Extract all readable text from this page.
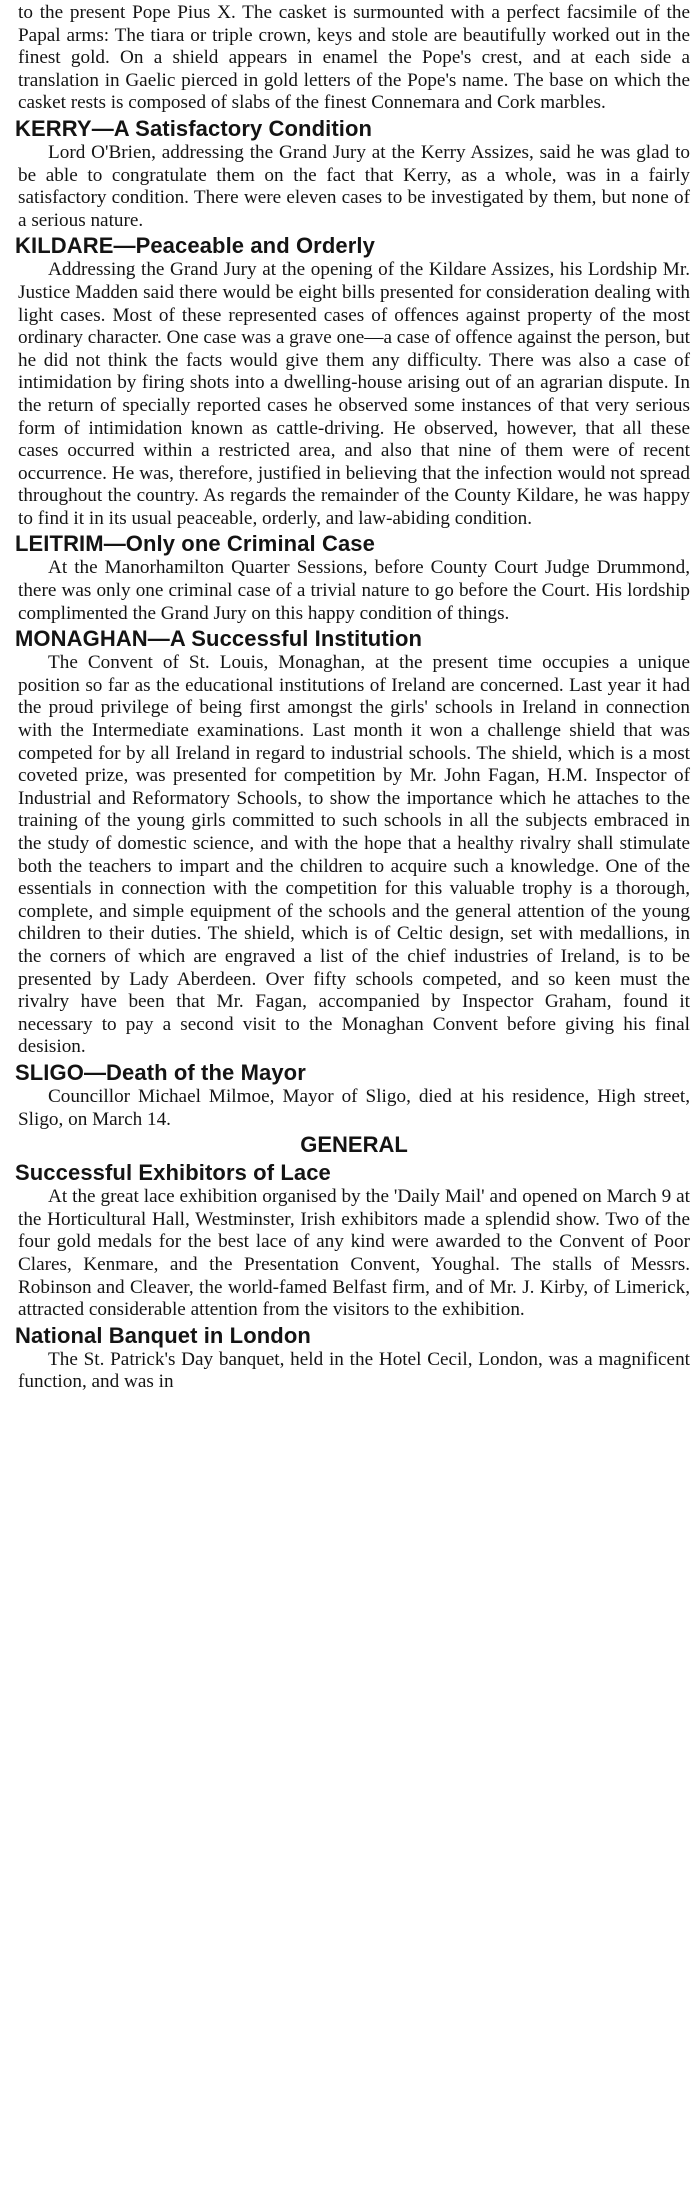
to the present Pope Pius X. The casket is surmounted with a perfect facsimile of the Papal arms: The tiara or triple crown, keys and stole are beautifully worked out in the finest gold. On a shield appears in enamel the Pope's crest, and at each side a translation in Gaelic pierced in gold letters of the Pope's name. The base on which the casket rests is composed of slabs of the finest Connemara and Cork marbles.

KERRY—A Satisfactory Condition

Lord O'Brien, addressing the Grand Jury at the Kerry Assizes, said he was glad to be able to congratulate them on the fact that Kerry, as a whole, was in a fairly satisfactory condition. There were eleven cases to be investigated by them, but none of a serious nature.

KILDARE—Peaceable and Orderly

Addressing the Grand Jury at the opening of the Kildare Assizes, his Lordship Mr. Justice Madden said there would be eight bills presented for consideration dealing with light cases. Most of these represented cases of offences against property of the most ordinary character. One case was a grave one—a case of offence against the person, but he did not think the facts would give them any difficulty. There was also a case of intimidation by firing shots into a dwelling-house arising out of an agrarian dispute. In the return of specially reported cases he observed some instances of that very serious form of intimidation known as cattle-driving. He observed, however, that all these cases occurred within a restricted area, and also that nine of them were of recent occurrence. He was, therefore, justified in believing that the infection would not spread throughout the country. As regards the remainder of the County Kildare, he was happy to find it in its usual peaceable, orderly, and law-abiding condition.

LEITRIM—Only one Criminal Case

At the Manorhamilton Quarter Sessions, before County Court Judge Drummond, there was only one criminal case of a trivial nature to go before the Court. His lordship complimented the Grand Jury on this happy condition of things.

MONAGHAN—A Successful Institution

The Convent of St. Louis, Monaghan, at the present time occupies a unique position so far as the educational institutions of Ireland are concerned. Last year it had the proud privilege of being first amongst the girls' schools in Ireland in connection with the Intermediate examinations. Last month it won a challenge shield that was competed for by all Ireland in regard to industrial schools. The shield, which is a most coveted prize, was presented for competition by Mr. John Fagan, H.M. Inspector of Industrial and Reformatory Schools, to show the importance which he attaches to the training of the young girls committed to such schools in all the subjects embraced in the study of domestic science, and with the hope that a healthy rivalry shall stimulate both the teachers to impart and the children to acquire such a knowledge. One of the essentials in connection with the competition for this valuable trophy is a thorough, complete, and simple equipment of the schools and the general attention of the young children to their duties. The shield, which is of Celtic design, set with medallions, in the corners of which are engraved a list of the chief industries of Ireland, is to be presented by Lady Aberdeen. Over fifty schools competed, and so keen must the rivalry have been that Mr. Fagan, accompanied by Inspector Graham, found it necessary to pay a second visit to the Monaghan Convent before giving his final desision.

SLIGO—Death of the Mayor

Councillor Michael Milmoe, Mayor of Sligo, died at his residence, High street, Sligo, on March 14.

GENERAL
Successful Exhibitors of Lace

At the great lace exhibition organised by the 'Daily Mail' and opened on March 9 at the Horticultural Hall, Westminster, Irish exhibitors made a splendid show. Two of the four gold medals for the best lace of any kind were awarded to the Convent of Poor Clares, Kenmare, and the Presentation Convent, Youghal. The stalls of Messrs. Robinson and Cleaver, the world-famed Belfast firm, and of Mr. J. Kirby, of Limerick, attracted considerable attention from the visitors to the exhibition.

National Banquet in London

The St. Patrick's Day banquet, held in the Hotel Cecil, London, was a magnificent function, and was in
